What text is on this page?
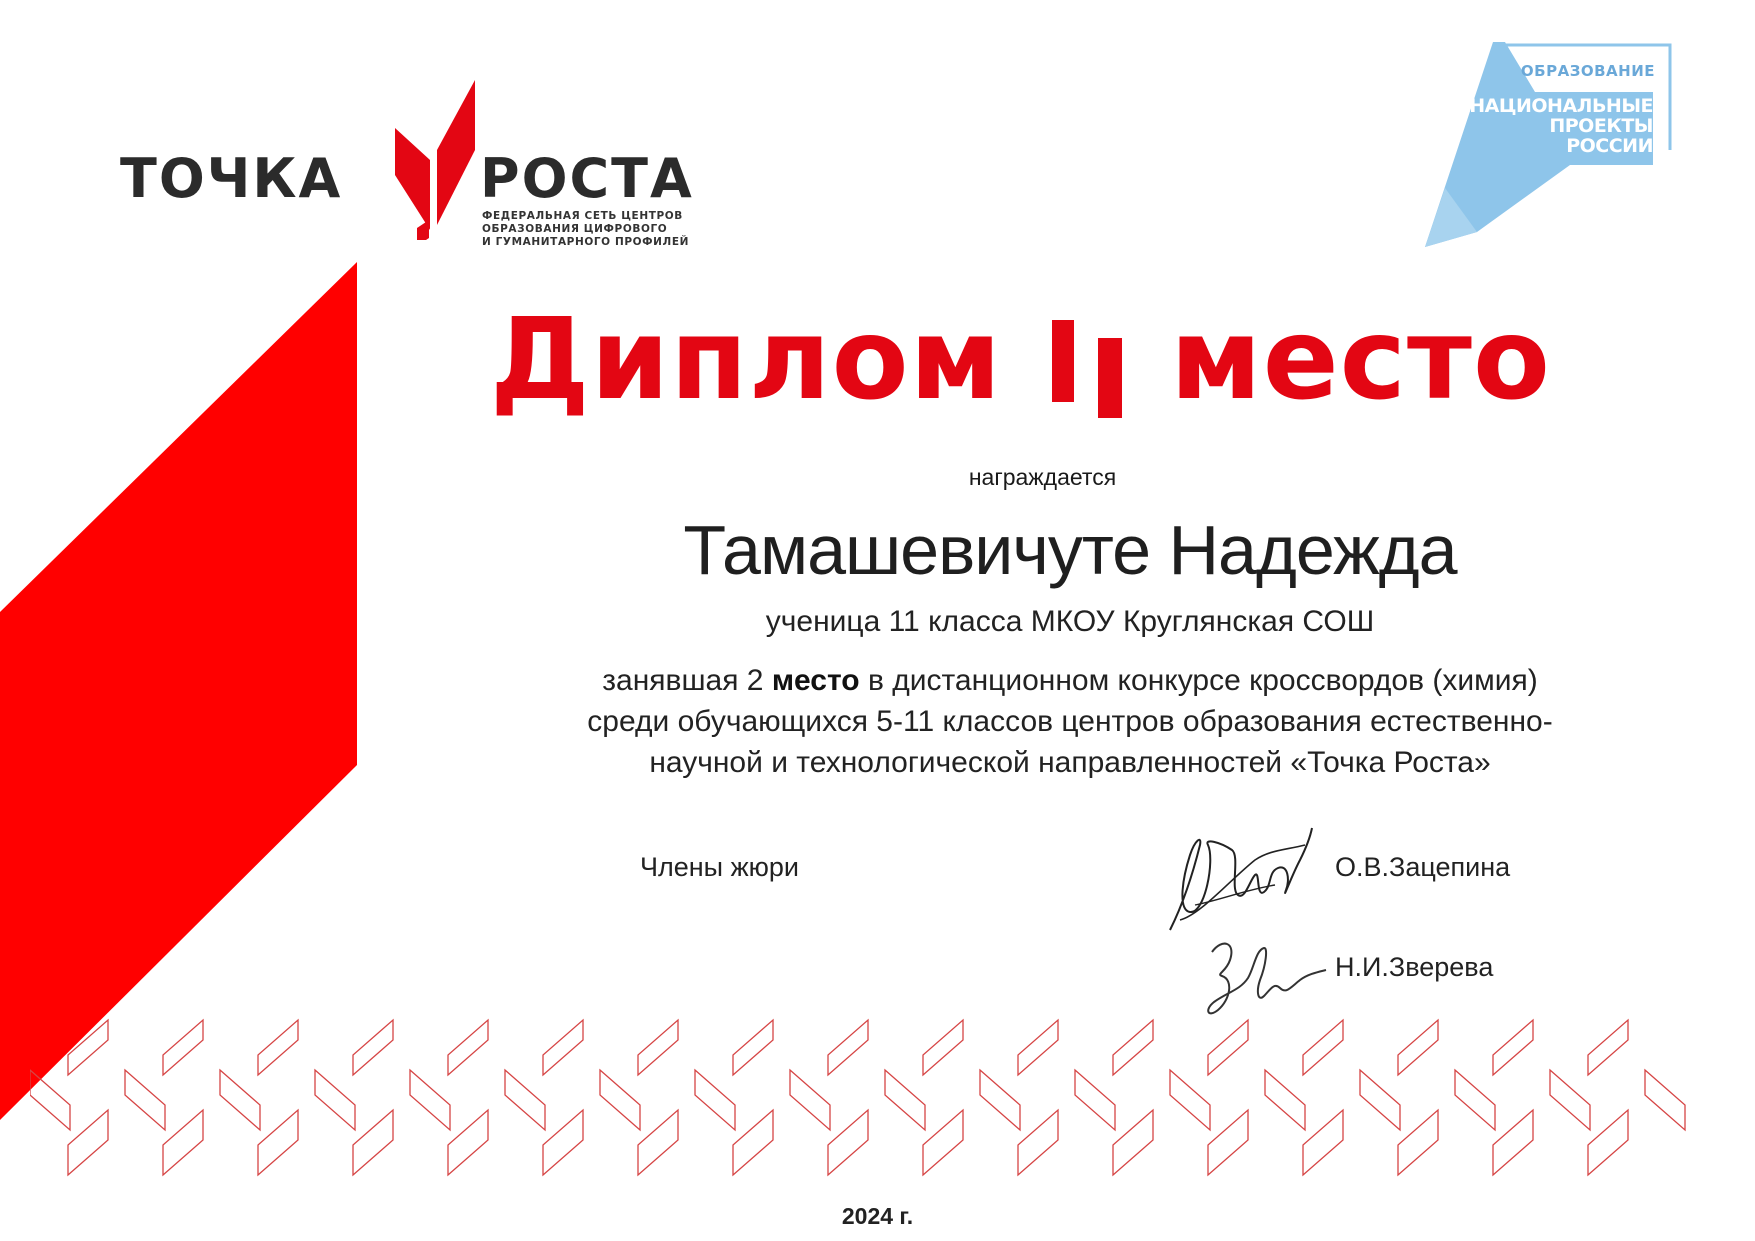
ТОЧКА	РОСТА
ФЕДЕРАЛЬНАЯ СЕТЬ ЦЕНТРОВ
ОБРАЗОВАНИЯ ЦИФРОВОГО
И ГУМАНИТАРНОГО ПРОФИЛЕЙ
ОБРАЗОВАНИЕ
НАЦИОНАЛЬНЫЕ
ПРОЕКТЫ
РОССИИ
Диплом место
награждается
Тамашевичуте Надежда
ученица 11 класса МКОУ Круглянская СОШ
занявшая 2 место в дистанционном конкурсе кроссвордов (химия)
среди обучающихся 5-11 классов центров образования естественно-
научной и технологической направленностей «Точка Роста»
Члены жюри	О.В.Зацепина
Н.И.Зверева
2024 г.
